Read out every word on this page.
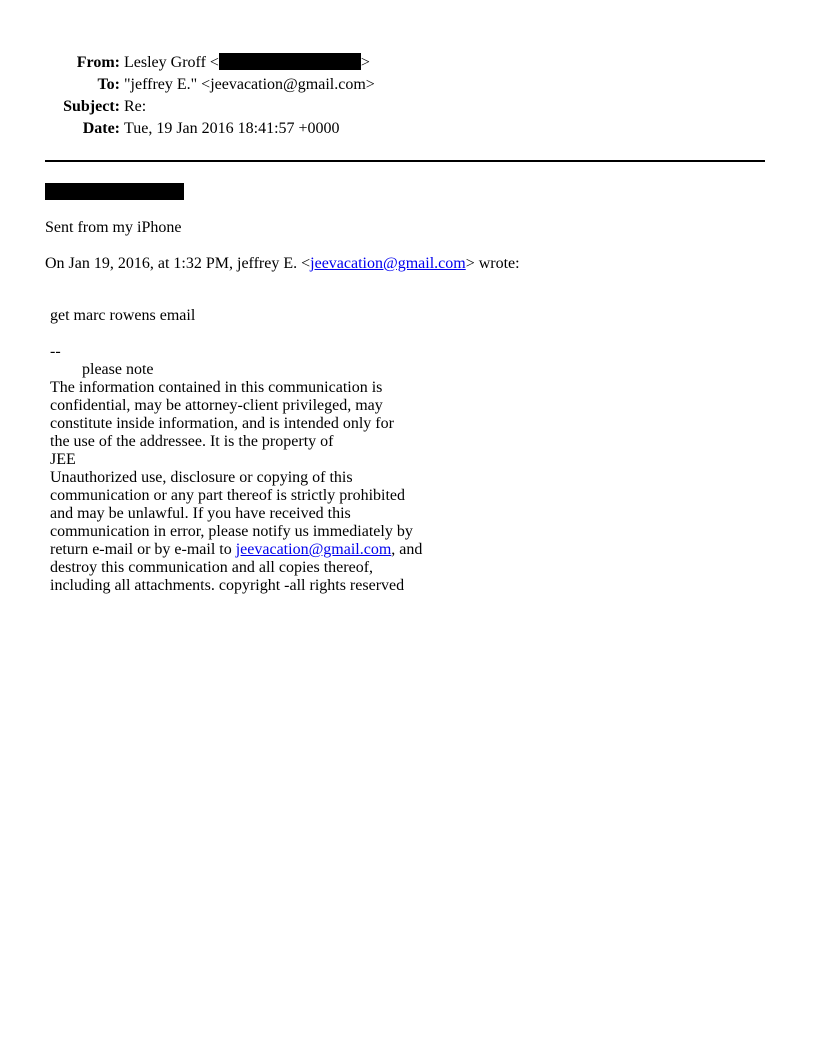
From: Lesley Groff <	>
To: "jeffrey E." <jeevacation@gmail.com>
Subject: Re:
Date: Tue, 19 Jan 2016 18:41:57 +0000
Sent from my iPhone
On Jan 19, 2016, at 1:32 PM, jeffrey E. <jeevacation@gmail.com> wrote:
get marc rowens email
--
please note
The information contained in this communication is
confidential, may be attorney-client privileged, may
constitute inside information, and is intended only for
the use of the addressee. It is the property of
JEE
Unauthorized use, disclosure or copying of this
communication or any part thereof is strictly prohibited
and may be unlawful. If you have received this
communication in error, please notify us immediately by
return e-mail or by e-mail to jeevacation@gmail.com, and
destroy this communication and all copies thereof,
including all attachments. copyright -all rights reserved
